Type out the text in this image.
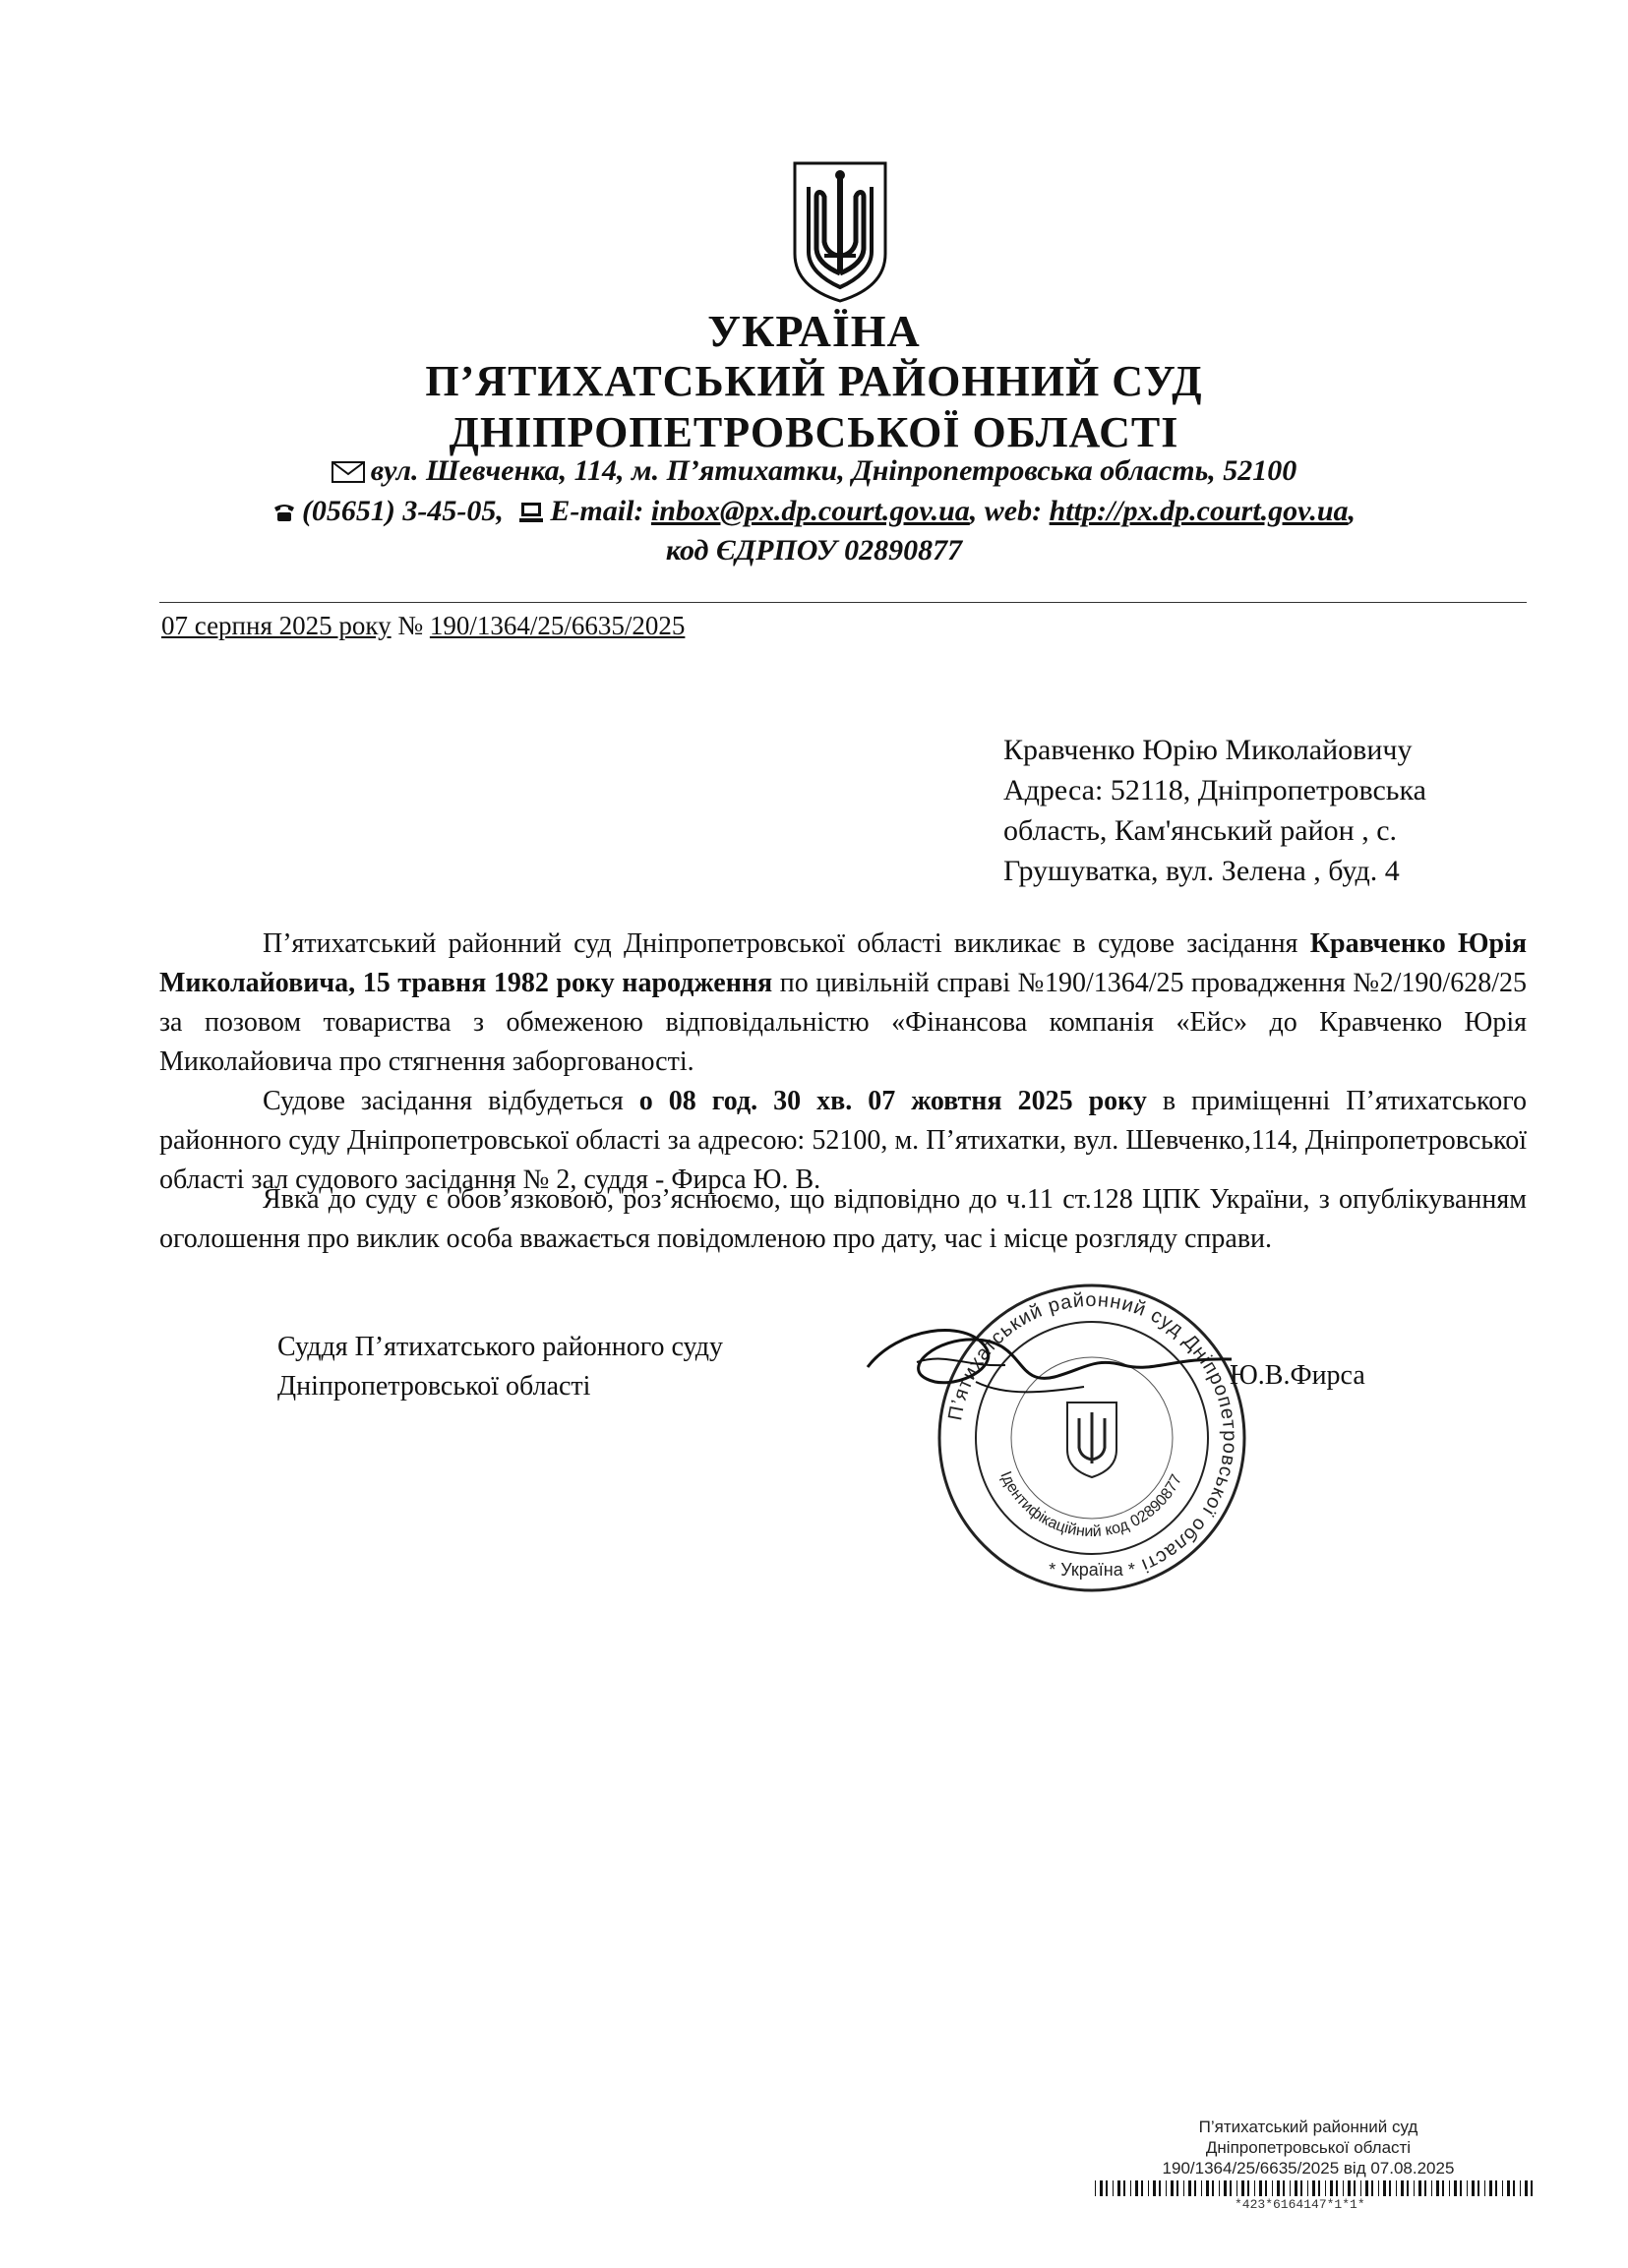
УКРАЇНА
П’ЯТИХАТСЬКИЙ РАЙОННИЙ СУД
ДНІПРОПЕТРОВСЬКОЇ ОБЛАСТІ
вул. Шевченка, 114, м. П’ятихатки, Дніпропетровська область, 52100
(05651) 3-45-05, E-mail: inbox@px.dp.court.gov.ua, web: http://px.dp.court.gov.ua,
код ЄДРПОУ 02890877
07 серпня 2025 року № 190/1364/25/6635/2025
Кравченко Юрію Миколайовичу
Адреса: 52118, Дніпропетровська
область, Кам'янський район , с.
Грушуватка, вул. Зелена , буд. 4
П’ятихатський районний суд Дніпропетровської області викликає в судове засідання Кравченко Юрія Миколайовича, 15 травня 1982 року народження по цивільній справі №190/1364/25 провадження №2/190/628/25 за позовом товариства з обмеженою відповідальністю «Фінансова компанія «Ейс» до Кравченко Юрія Миколайовича про стягнення заборгованості.
Судове засідання відбудеться о 08 год. 30 хв. 07 жовтня 2025 року в приміщенні П’ятихатського районного суду Дніпропетровської області за адресою: 52100, м. П’ятихатки, вул. Шевченко,114, Дніпропетровської області зал судового засідання № 2, суддя - Фирса Ю. В.
Явка до суду є обов’язковою, роз’яснюємо, що відповідно до ч.11 ст.128 ЦПК України, з опублікуванням оголошення про виклик особа вважається повідомленою про дату, час і місце розгляду справи.
Суддя П’ятихатського районного суду
Дніпропетровської області
П’ятихатський районний суд Дніпропетровської області
Ідентифікаційний код 02890877
* Україна *
Ю.В.Фирса
П’ятихатський районний суд
Дніпропетровської області
190/1364/25/6635/2025 від 07.08.2025
*423*6164147*1*1*
